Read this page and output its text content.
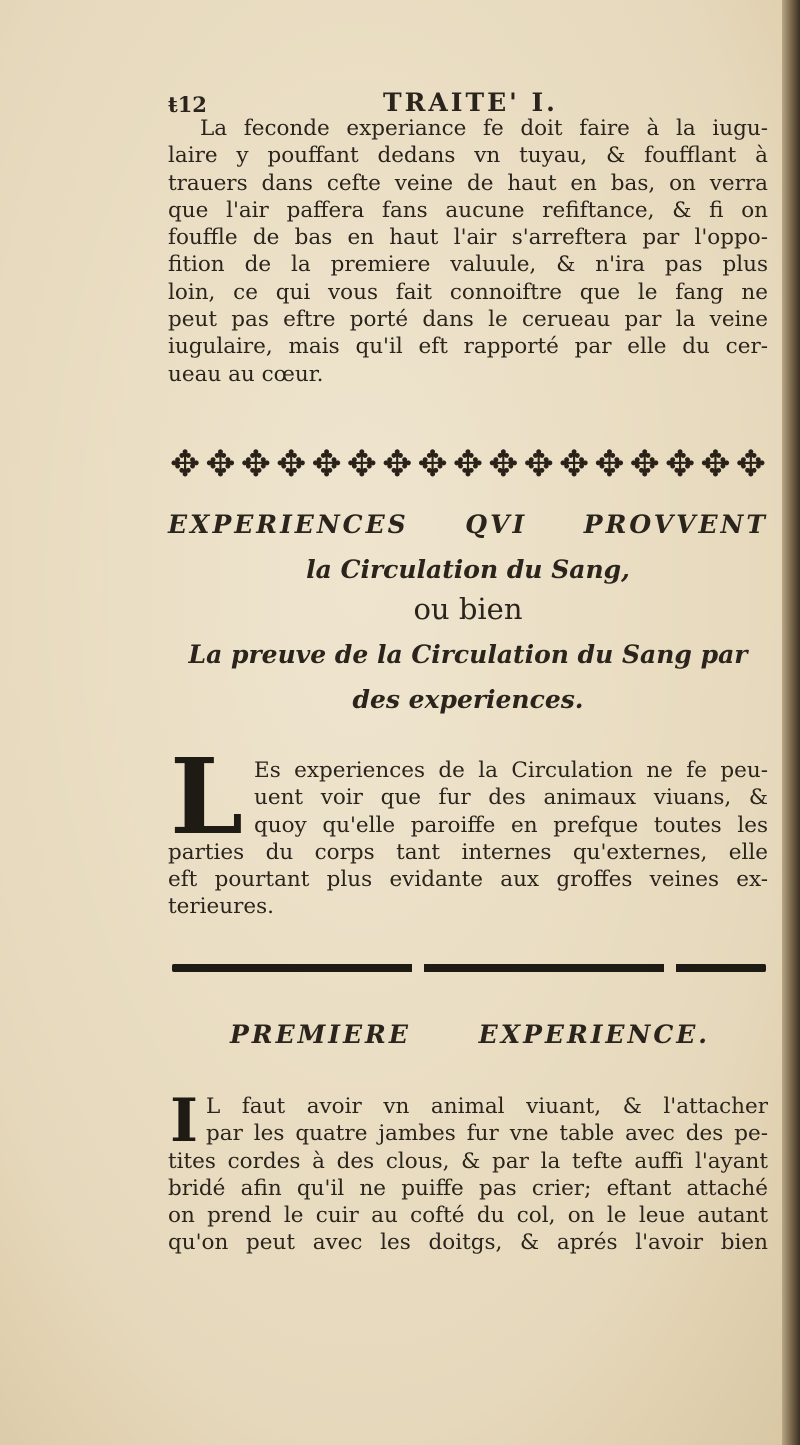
ŧ12	TRAITE' I.
La feconde experiance fe doit faire à la iugu-
laire y pouffant dedans vn tuyau, & foufflant à
trauers dans cefte veine de haut en bas, on verra
que l'air paffera fans aucune refiftance, & fi on
fouffle de bas en haut l'air s'arreftera par l'oppo-
fition de la premiere valuule, & n'ira pas plus
loin, ce qui vous fait connoiftre que le fang ne
peut pas eftre porté dans le cerueau par la veine
iugulaire, mais qu'il eft rapporté par elle du cer-
ueau au cœur.
✥ ✥ ✥ ✥ ✥ ✥ ✥ ✥ ✥ ✥ ✥ ✥ ✥ ✥ ✥ ✥ ✥
EXPERIENCES QVI PROVVENT
la Circulation du Sang,
ou bien
La preuve de la Circulation du Sang par
des experiences.
L Es experiences de la Circulation ne fe peu-
uent voir que fur des animaux viuans, &
quoy qu'elle paroiffe en prefque toutes les
parties du corps tant internes qu'externes, elle
eft pourtant plus evidante aux groffes veines ex-
terieures.
PREMIERE EXPERIENCE.
I L faut avoir vn animal viuant, & l'attacher
par les quatre jambes fur vne table avec des pe-
tites cordes à des clous, & par la tefte auffi l'ayant
bridé afin qu'il ne puiffe pas crier; eftant attaché
on prend le cuir au cofté du col, on le leue autant
qu'on peut avec les doitgs, & aprés l'avoir bien
